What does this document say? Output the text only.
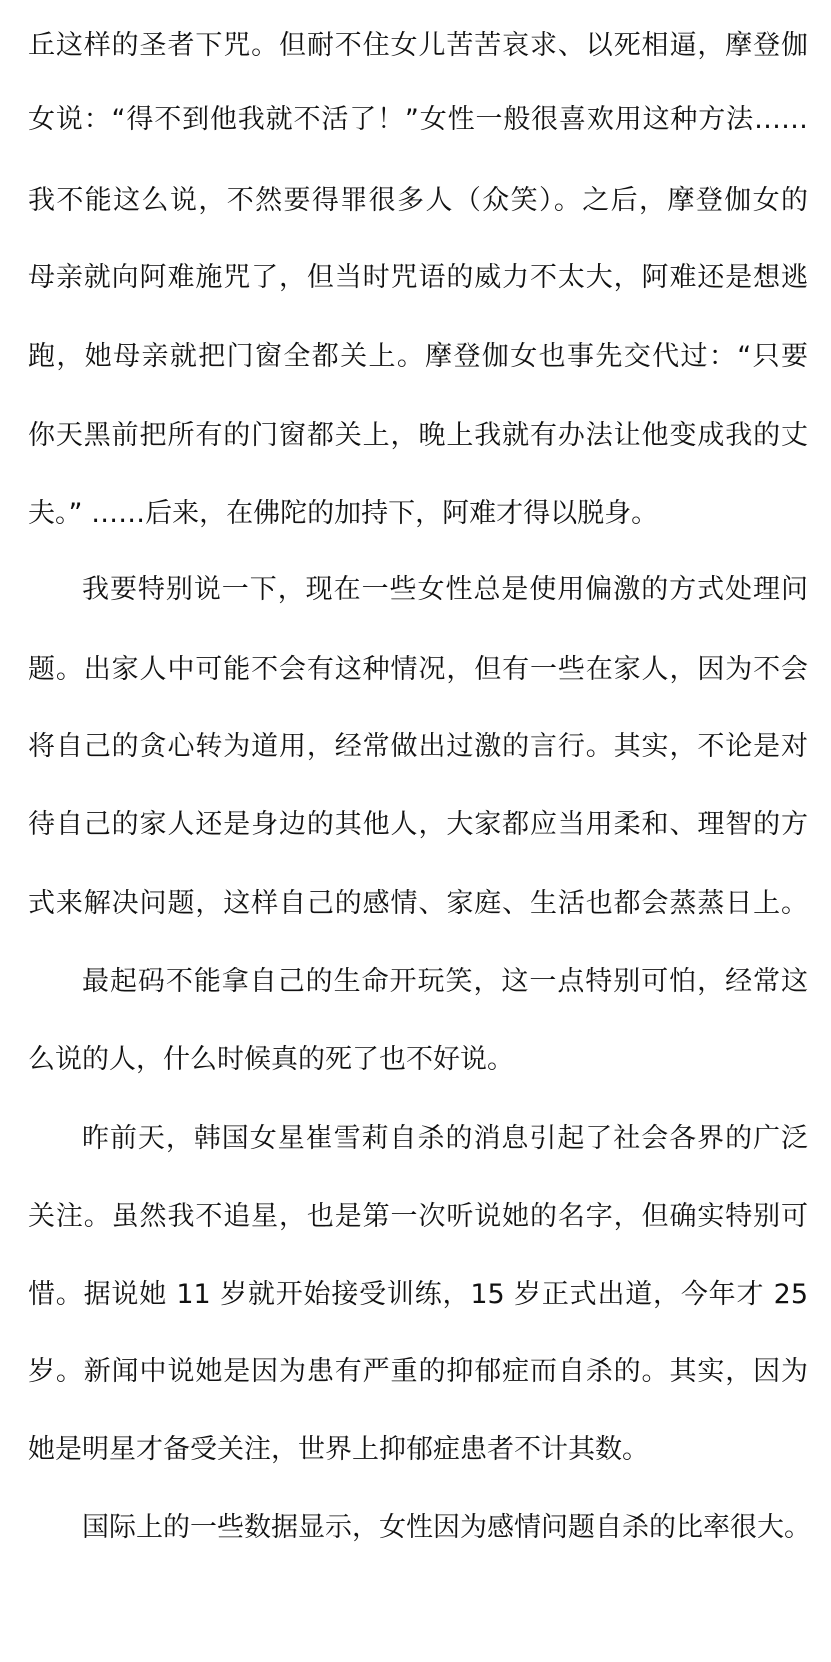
丘这样的圣者下咒。但耐不住女儿苦苦哀求、以死相逼，摩登伽
女说：“得不到他我就不活了！”女性一般很喜欢用这种方法……
我不能这么说，不然要得罪很多人（众笑）。之后，摩登伽女的
母亲就向阿难施咒了，但当时咒语的威力不太大，阿难还是想逃
跑，她母亲就把门窗全都关上。摩登伽女也事先交代过：“只要
你天黑前把所有的门窗都关上，晚上我就有办法让他变成我的丈
夫。” ……后来，在佛陀的加持下，阿难才得以脱身。
我要特别说一下，现在一些女性总是使用偏激的方式处理问
题。出家人中可能不会有这种情况，但有一些在家人，因为不会
将自己的贪心转为道用，经常做出过激的言行。其实，不论是对
待自己的家人还是身边的其他人，大家都应当用柔和、理智的方
式来解决问题，这样自己的感情、家庭、生活也都会蒸蒸日上。
最起码不能拿自己的生命开玩笑，这一点特别可怕，经常这
么说的人，什么时候真的死了也不好说。
昨前天，韩国女星崔雪莉自杀的消息引起了社会各界的广泛
关注。虽然我不追星，也是第一次听说她的名字，但确实特别可
惜。据说她 11 岁就开始接受训练，15 岁正式出道，今年才 25
岁。新闻中说她是因为患有严重的抑郁症而自杀的。其实，因为
她是明星才备受关注，世界上抑郁症患者不计其数。
国际上的一些数据显示，女性因为感情问题自杀的比率很大。
